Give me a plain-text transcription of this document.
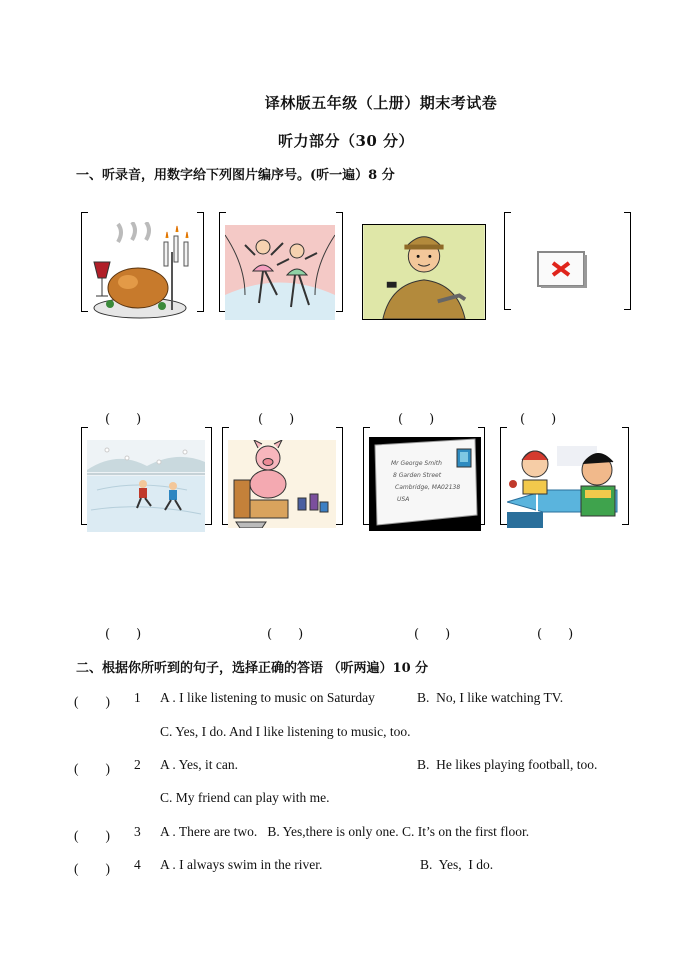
译林版五年级（上册）期末考试卷
听力部分（30 分）
一、听录音，用数字给下列图片编序号。(听一遍）8 分
(　　)	(　　)	(　　)	(　　)
Mr George Smith
8 Garden Street
Cambridge, MA02138
USA
(　　)	(　　)	(　　)	(　　)
二、根据你所听到的句子，选择正确的答语 （听两遍）10 分
(　　) 1 A . I like listening to music on Saturday	B.  No, I like watching TV.
C. Yes, I do. And I like listening to music, too.
(　　) 2 A . Yes, it can.	B.  He likes playing football, too.
C. My friend can play with me.
(　　) 3 A . There are two.   B. Yes,there is only one. C. It’s on the first floor.
(　　) 4 A . I always swim in the river.	B.  Yes,  I do.
